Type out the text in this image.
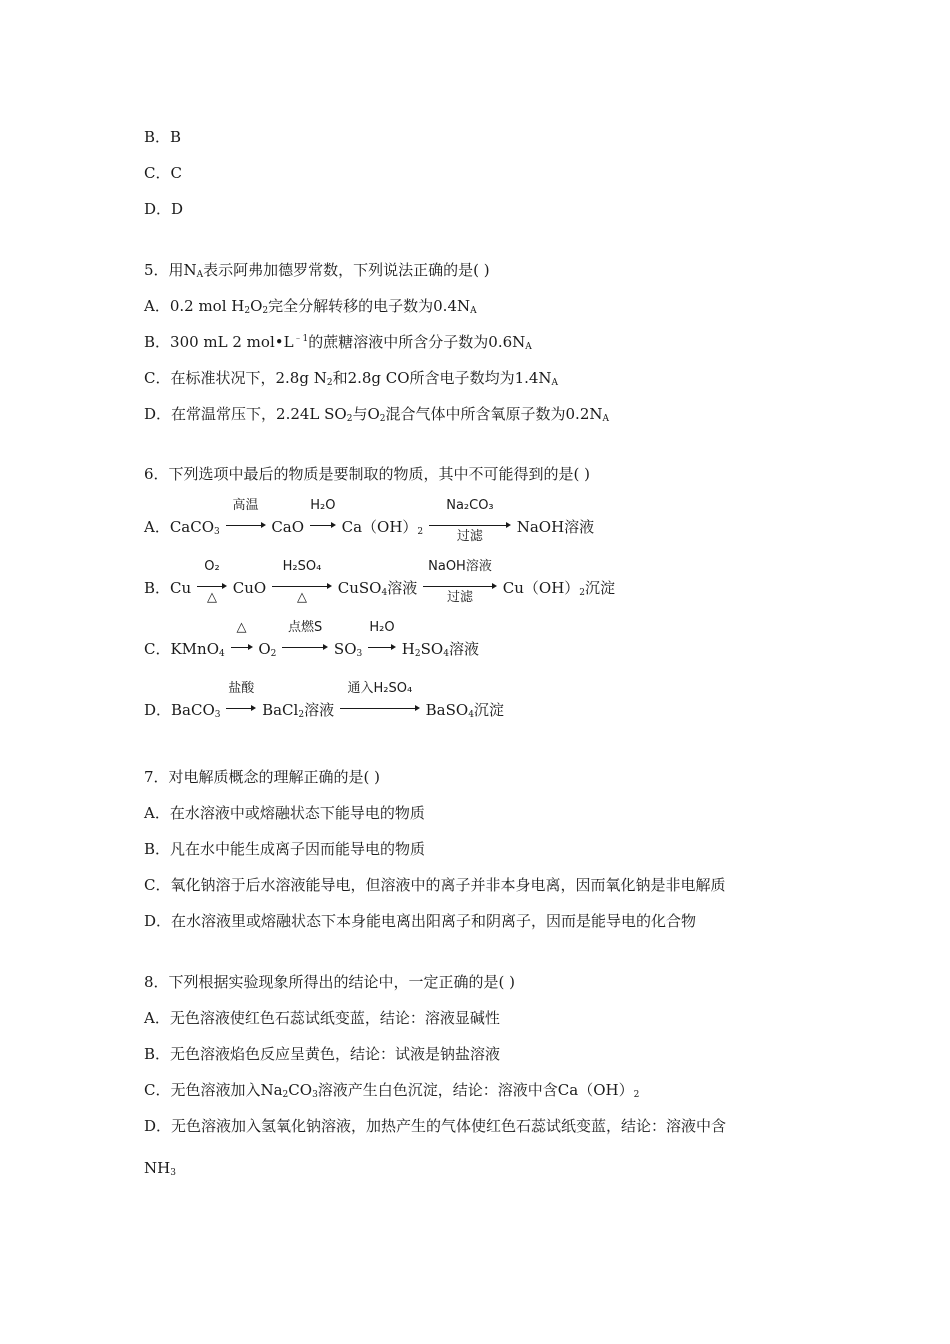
B．B
C．C
D．D
5．用$N_A$表示阿弗加德罗常数，下列说法正确的是( )
A．0.2 mol $H_2O_2$完全分解转移的电子数为$0.4N_A$
B．300 mL 2 $mol•L^{﹣1}$的蔗糖溶液中所含分子数为$0.6N_A$
C．在标准状况下，2.8g $N_2$和2.8g CO所含电子数均为$1.4N_A$
D．在常温常压下，2.24L $SO_2$与$O_2$混合气体中所含氧原子数为$0.2N_A$
6．下列选项中最后的物质是要制取的物质，其中不可能得到的是( )
A．CaCO$_3$
高温
CaO
H₂O
$Ca(OH)_2$
Na₂CO₃
过滤
NaOH溶液
B．Cu
O₂
△
CuO
H₂SO₄
△
CuSO$_4$溶液
NaOH溶液
过滤
$Cu(OH)_2$沉淀
C．KMnO$_4$
△
$O_2$
点燃S
$SO_3$
H₂O
$H_2SO_4$溶液
D．BaCO$_3$
盐酸
BaCl$_2$溶液
通入H₂SO₄
BaSO$_4$沉淀
7．对电解质概念的理解正确的是( )
A．在水溶液中或熔融状态下能导电的物质
B．凡在水中能生成离子因而能导电的物质
C．氧化钠溶于后水溶液能导电，但溶液中的离子并非本身电离，因而氧化钠是非电解质
D．在水溶液里或熔融状态下本身能电离出阳离子和阴离子，因而是能导电的化合物
8．下列根据实验现象所得出的结论中，一定正确的是( )
A．无色溶液使红色石蕊试纸变蓝，结论：溶液显碱性
B．无色溶液焰色反应呈黄色，结论：试液是钠盐溶液
C．无色溶液加入$Na_2CO_3$溶液产生白色沉淀，结论：溶液中含$Ca(OH)_2$
D．无色溶液加入氢氧化钠溶液，加热产生的气体使红色石蕊试纸变蓝，结论：溶液中含
$NH_3$
